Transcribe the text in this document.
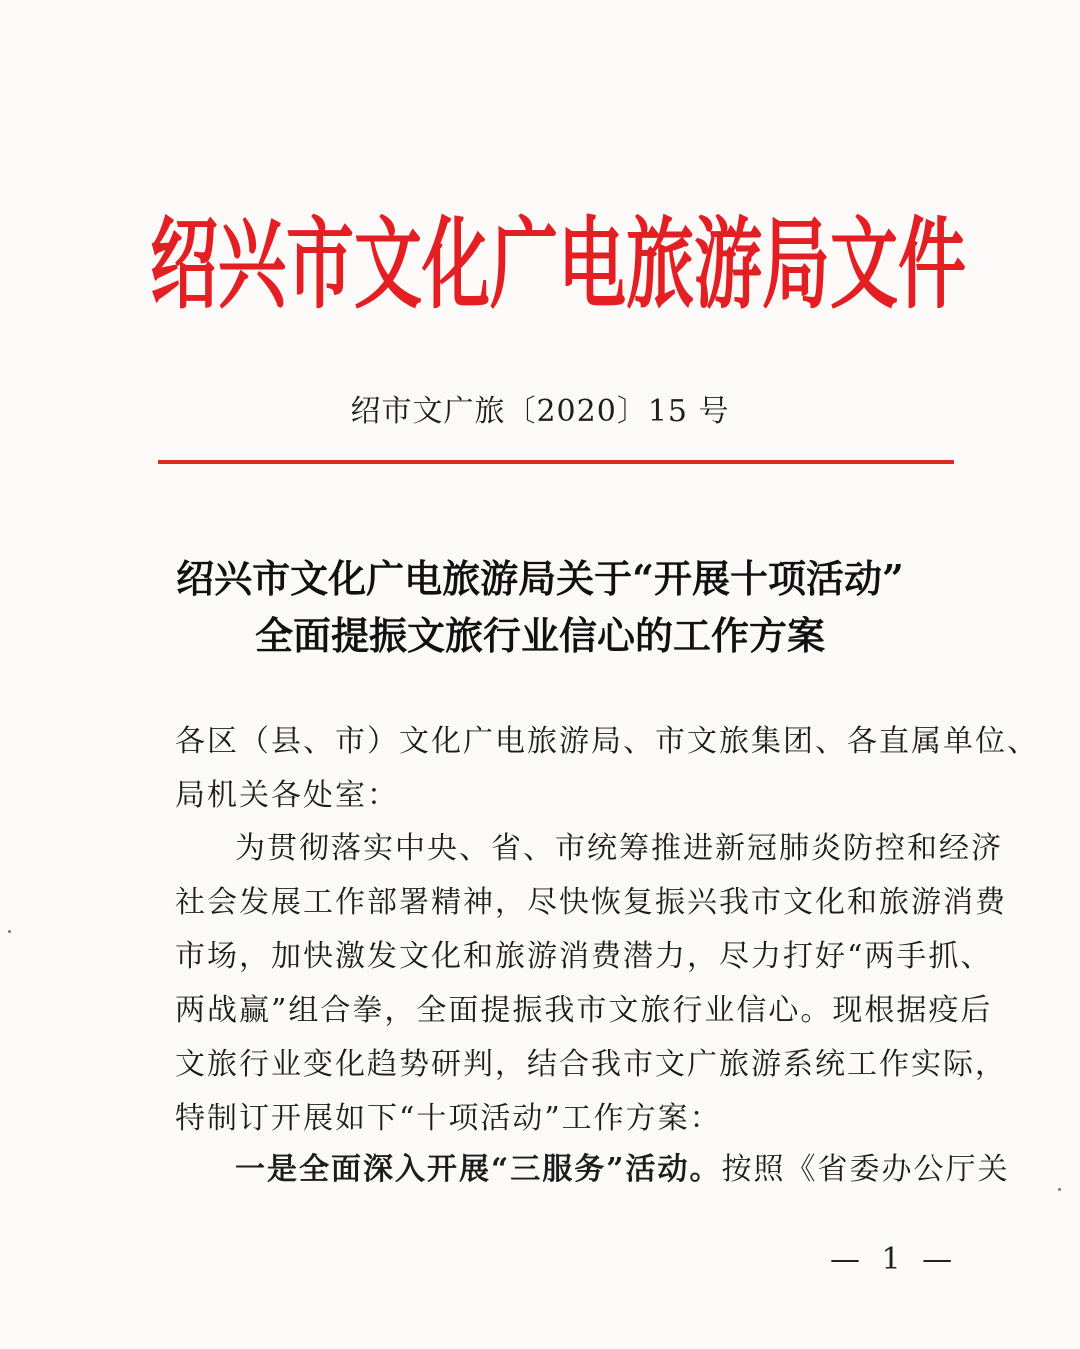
绍兴市文化广电旅游局文件
绍市文广旅〔2020〕15 号
绍兴市文化广电旅游局关于“开展十项活动”
全面提振文旅行业信心的工作方案
各区（县、市）文化广电旅游局、市文旅集团、各直属单位、
局机关各处室：
为贯彻落实中央、省、市统筹推进新冠肺炎防控和经济
社会发展工作部署精神，尽快恢复振兴我市文化和旅游消费
市场，加快激发文化和旅游消费潜力，尽力打好“两手抓、
两战赢”组合拳，全面提振我市文旅行业信心。现根据疫后
文旅行业变化趋势研判，结合我市文广旅游系统工作实际，
特制订开展如下“十项活动”工作方案：
一是全面深入开展“三服务”活动。按照《省委办公厅关
— 1 —
